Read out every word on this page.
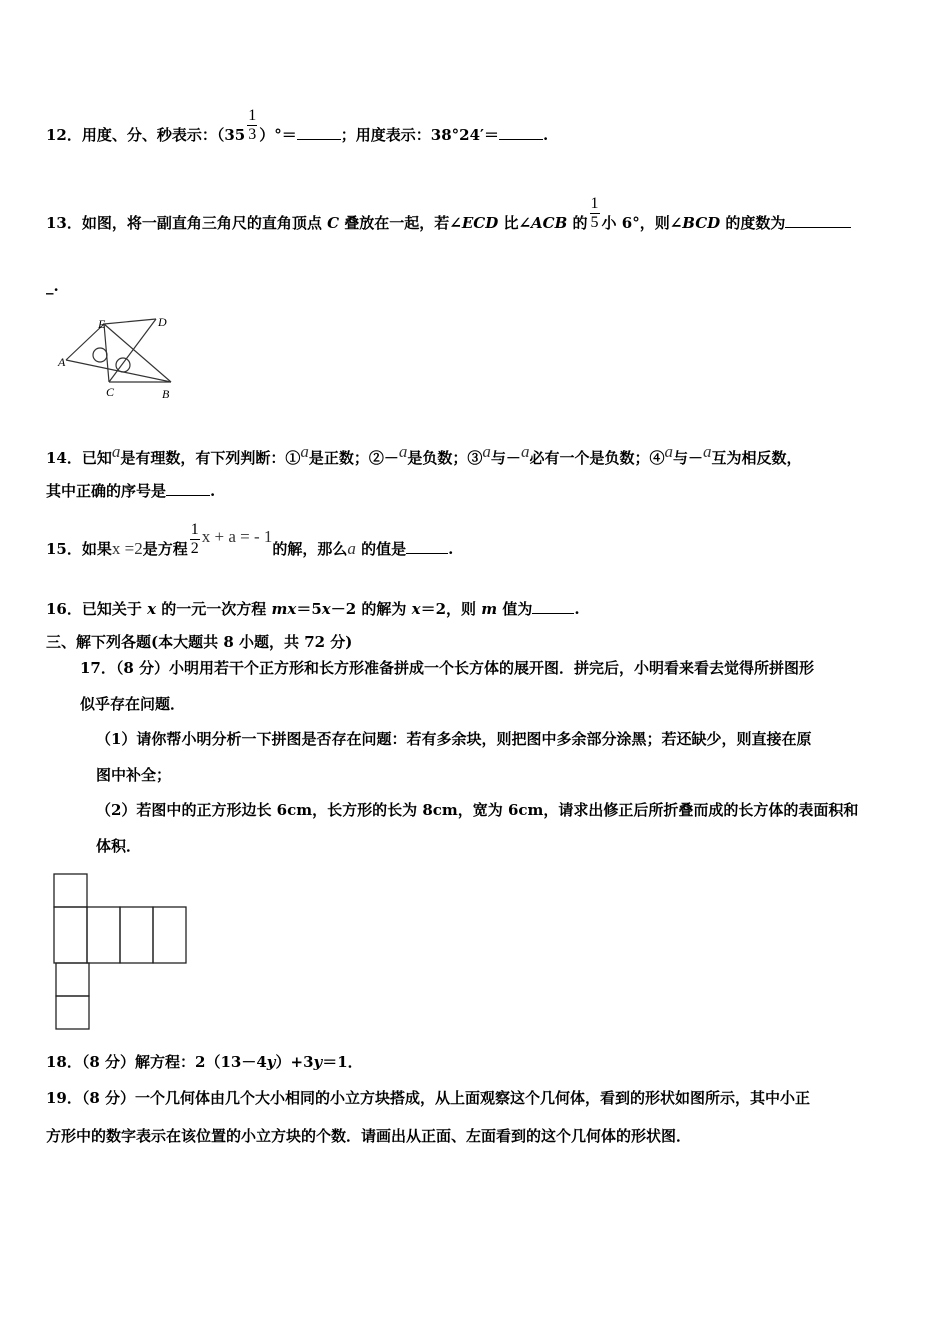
12．用度、分、秒表示：（$35 \frac{1}{3}$ ）°＝	；用度表示：38°24′＝	.
13．如图，将一副直角三角尺的直角顶点 C 叠放在一起，若∠ECD 比∠ACB 的 $\frac{1}{5}$ 小 6°，则∠BCD 的度数为
_.
A
E	D
C	B
14．已知$^a$是有理数，有下列判断：①$^a$是正数；②－$^a$是负数；③$^a$与－$^a$必有一个是负数；④$^a$与－$^a$互为相反数，
其中正确的序号是	.
15．如果x =2是方程 $\frac{1}{2}$ x + a = - 1的解，那么a 的值是	.
16．已知关于 x 的一元一次方程 mx＝5x－2 的解为 x＝2，则 m 值为	.
三、解下列各题(本大题共 8 小题，共 72 分)
17．（8 分）小明用若干个正方形和长方形准备拼成一个长方体的展开图．拼完后，小明看来看去觉得所拼图形
似乎存在问题．
（1）请你帮小明分析一下拼图是否存在问题：若有多余块，则把图中多余部分涂黑；若还缺少，则直接在原
图中补全；
（2）若图中的正方形边长 6cm，长方形的长为 8cm，宽为 6cm，请求出修正后所折叠而成的长方体的表面积和
体积．
18．（8 分）解方程：2（13－4y）+3y＝1．
19．（8 分）一个几何体由几个大小相同的小立方块搭成，从上面观察这个几何体，看到的形状如图所示，其中小正
方形中的数字表示在该位置的小立方块的个数．请画出从正面、左面看到的这个几何体的形状图．
